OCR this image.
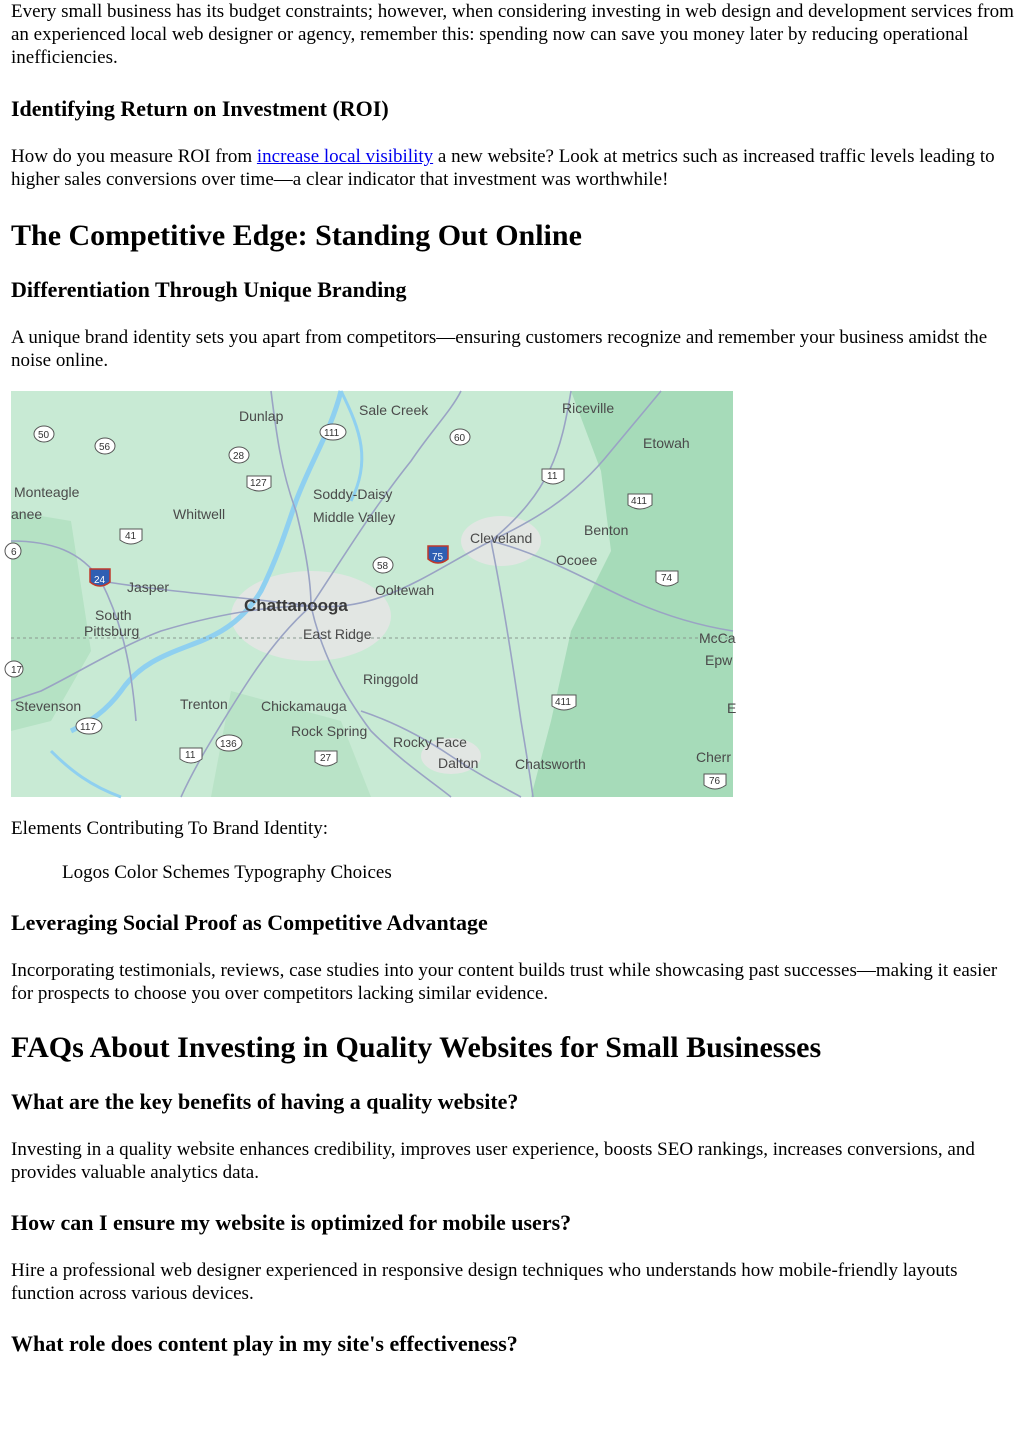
Every small business has its budget constraints; however, when considering investing in web design and development services from an experienced local web designer or agency, remember this: spending now can save you money later by reducing operational inefficiencies.

Identifying Return on Investment (ROI)

How do you measure ROI from increase local visibility a new website? Look at metrics such as increased traffic levels leading to higher sales conversions over time—a clear indicator that investment was worthwhile!

The Competitive Edge: Standing Out Online
Differentiation Through Unique Branding

A unique brand identity sets you apart from competitors—ensuring customers recognize and remember your business amidst the noise online.

Dunlap	Sale Creek	Riceville
Etowah
Monteagle
anee	Whitwell
Soddy-Daisy
Middle Valley
Cleveland	Benton
Ocoee
Jasper
Chattanooga
Ooltewah
South
Pittsburg	East Ridge	McCa
Epw
Ringgold
Stevenson	Trenton Chickamauga
Rock Spring
Rocky Face
Dalton	Chatsworth	Cherr
E
50
56
111	60
28
127
11
411
41
6
58
75
24	74
17
411
117
136
27
11
76

Elements Contributing To Brand Identity:

Logos Color Schemes Typography Choices

Leveraging Social Proof as Competitive Advantage

Incorporating testimonials, reviews, case studies into your content builds trust while showcasing past successes—making it easier for prospects to choose you over competitors lacking similar evidence.

FAQs About Investing in Quality Websites for Small Businesses
What are the key benefits of having a quality website?

Investing in a quality website enhances credibility, improves user experience, boosts SEO rankings, increases conversions, and provides valuable analytics data.

How can I ensure my website is optimized for mobile users?

Hire a professional web designer experienced in responsive design techniques who understands how mobile-friendly layouts function across various devices.

What role does content play in my site's effectiveness?
